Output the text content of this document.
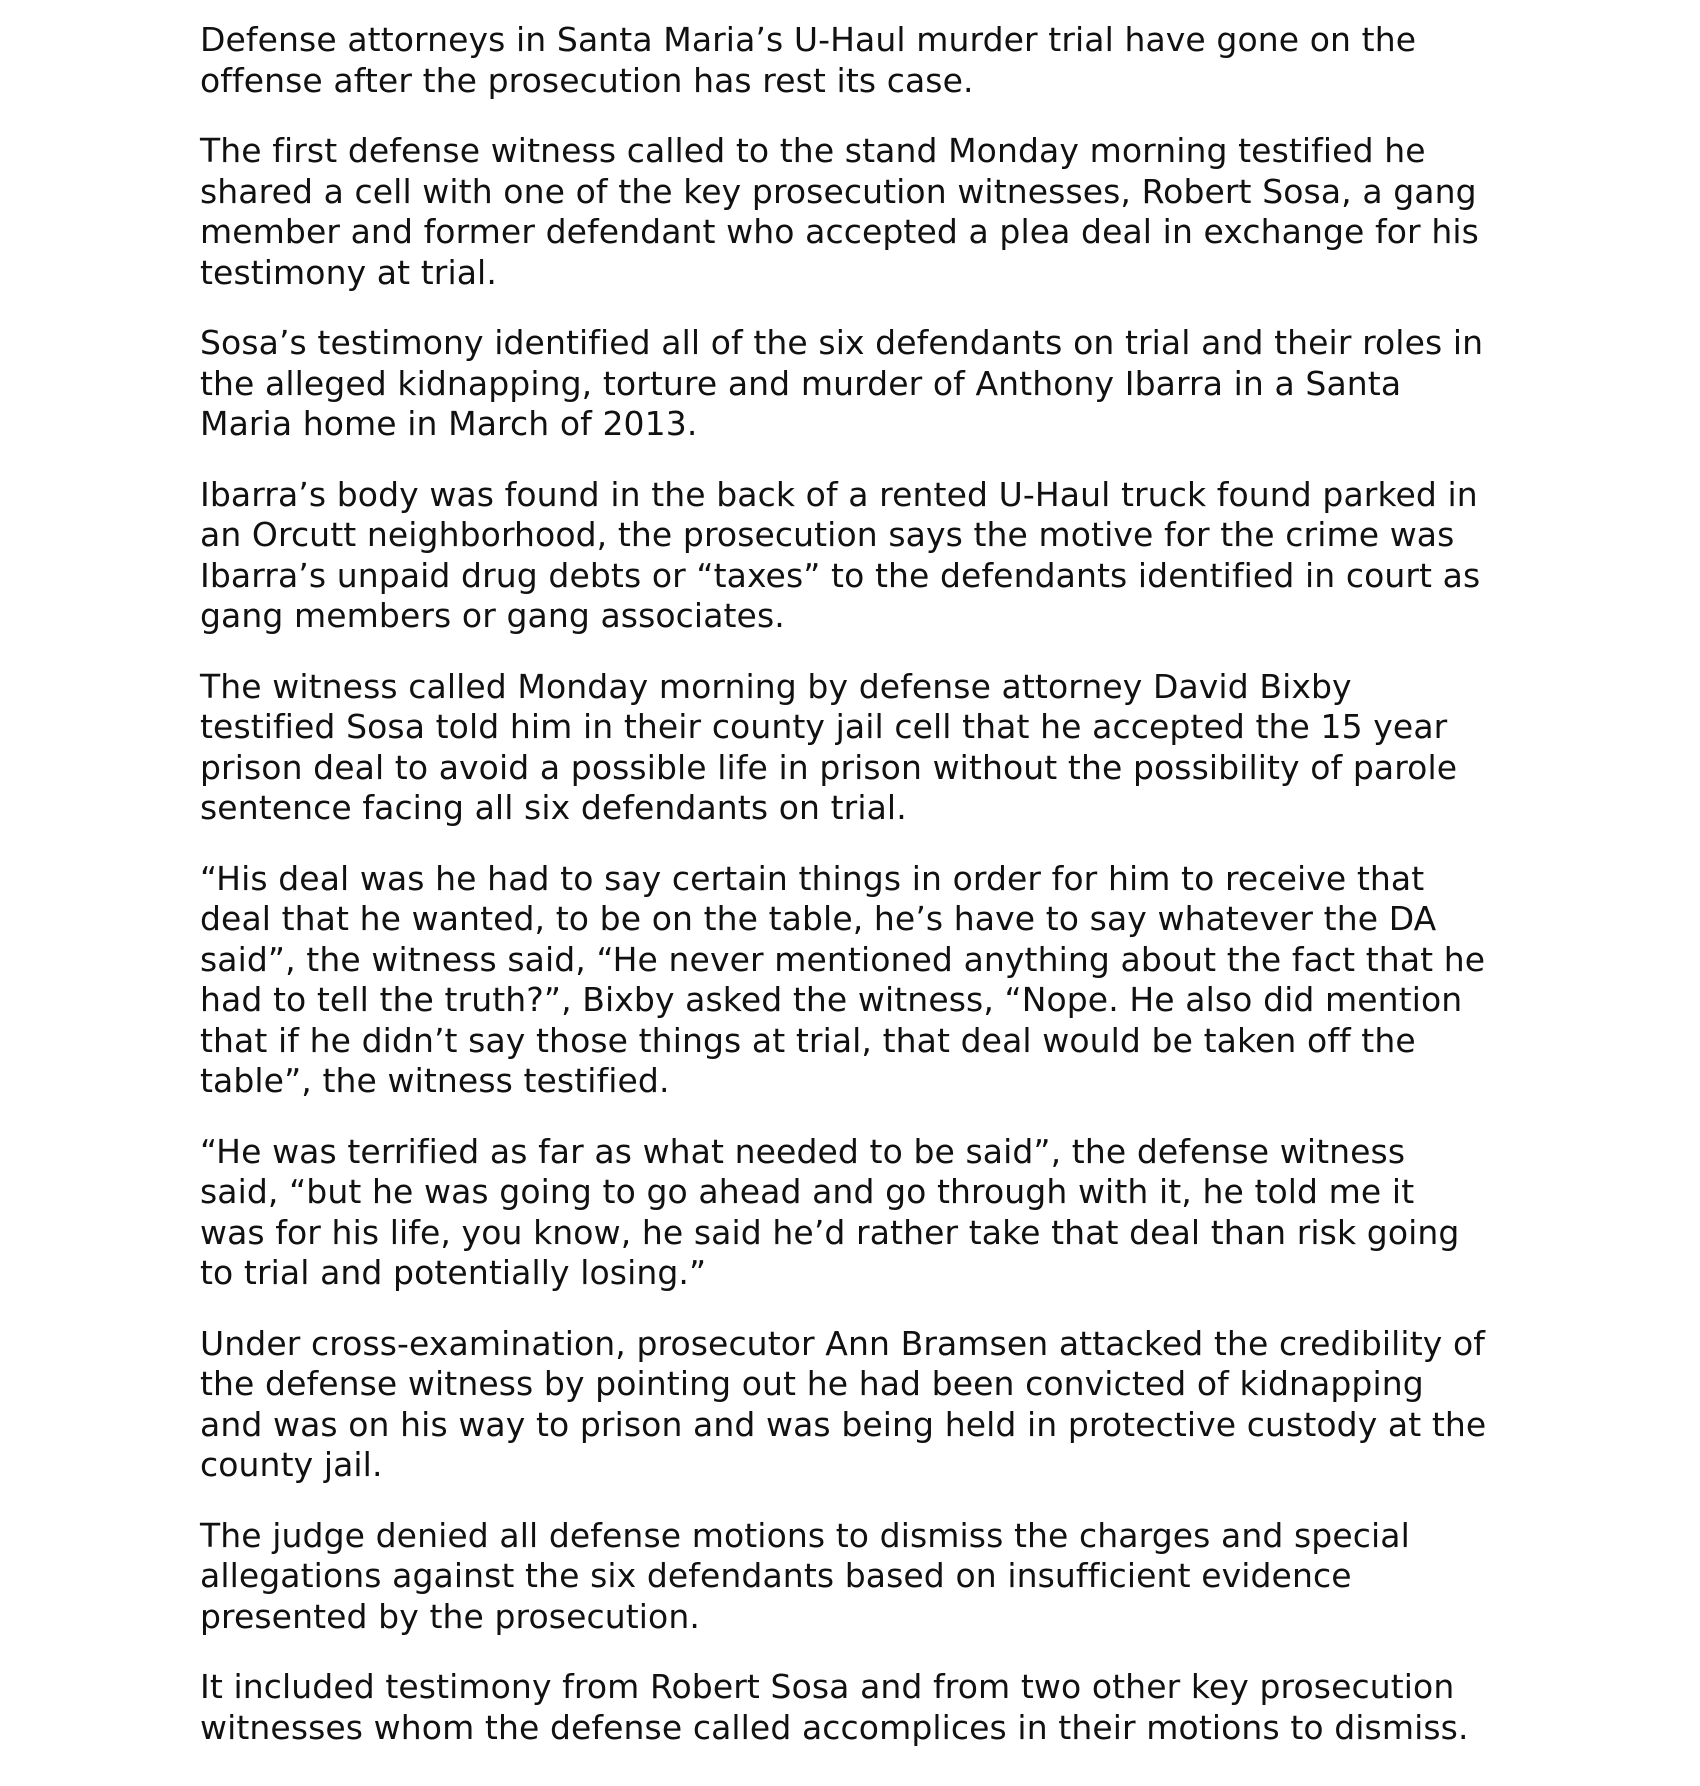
Defense attorneys in Santa Maria’s U-Haul murder trial have gone on the
offense after the prosecution has rest its case.

The first defense witness called to the stand Monday morning testified he
shared a cell with one of the key prosecution witnesses, Robert Sosa, a gang
member and former defendant who accepted a plea deal in exchange for his
testimony at trial.

Sosa’s testimony identified all of the six defendants on trial and their roles in
the alleged kidnapping, torture and murder of Anthony Ibarra in a Santa
Maria home in March of 2013.

Ibarra’s body was found in the back of a rented U-Haul truck found parked in
an Orcutt neighborhood, the prosecution says the motive for the crime was
Ibarra’s unpaid drug debts or “taxes” to the defendants identified in court as
gang members or gang associates.

The witness called Monday morning by defense attorney David Bixby
testified Sosa told him in their county jail cell that he accepted the 15 year
prison deal to avoid a possible life in prison without the possibility of parole
sentence facing all six defendants on trial.

“His deal was he had to say certain things in order for him to receive that
deal that he wanted, to be on the table, he’s have to say whatever the DA
said”, the witness said, “He never mentioned anything about the fact that he
had to tell the truth?”, Bixby asked the witness, “Nope. He also did mention
that if he didn’t say those things at trial, that deal would be taken off the
table”, the witness testified.

“He was terrified as far as what needed to be said”, the defense witness
said, “but he was going to go ahead and go through with it, he told me it
was for his life, you know, he said he’d rather take that deal than risk going
to trial and potentially losing.”

Under cross-examination, prosecutor Ann Bramsen attacked the credibility of
the defense witness by pointing out he had been convicted of kidnapping
and was on his way to prison and was being held in protective custody at the
county jail.

The judge denied all defense motions to dismiss the charges and special
allegations against the six defendants based on insufficient evidence
presented by the prosecution.

It included testimony from Robert Sosa and from two other key prosecution
witnesses whom the defense called accomplices in their motions to dismiss.
